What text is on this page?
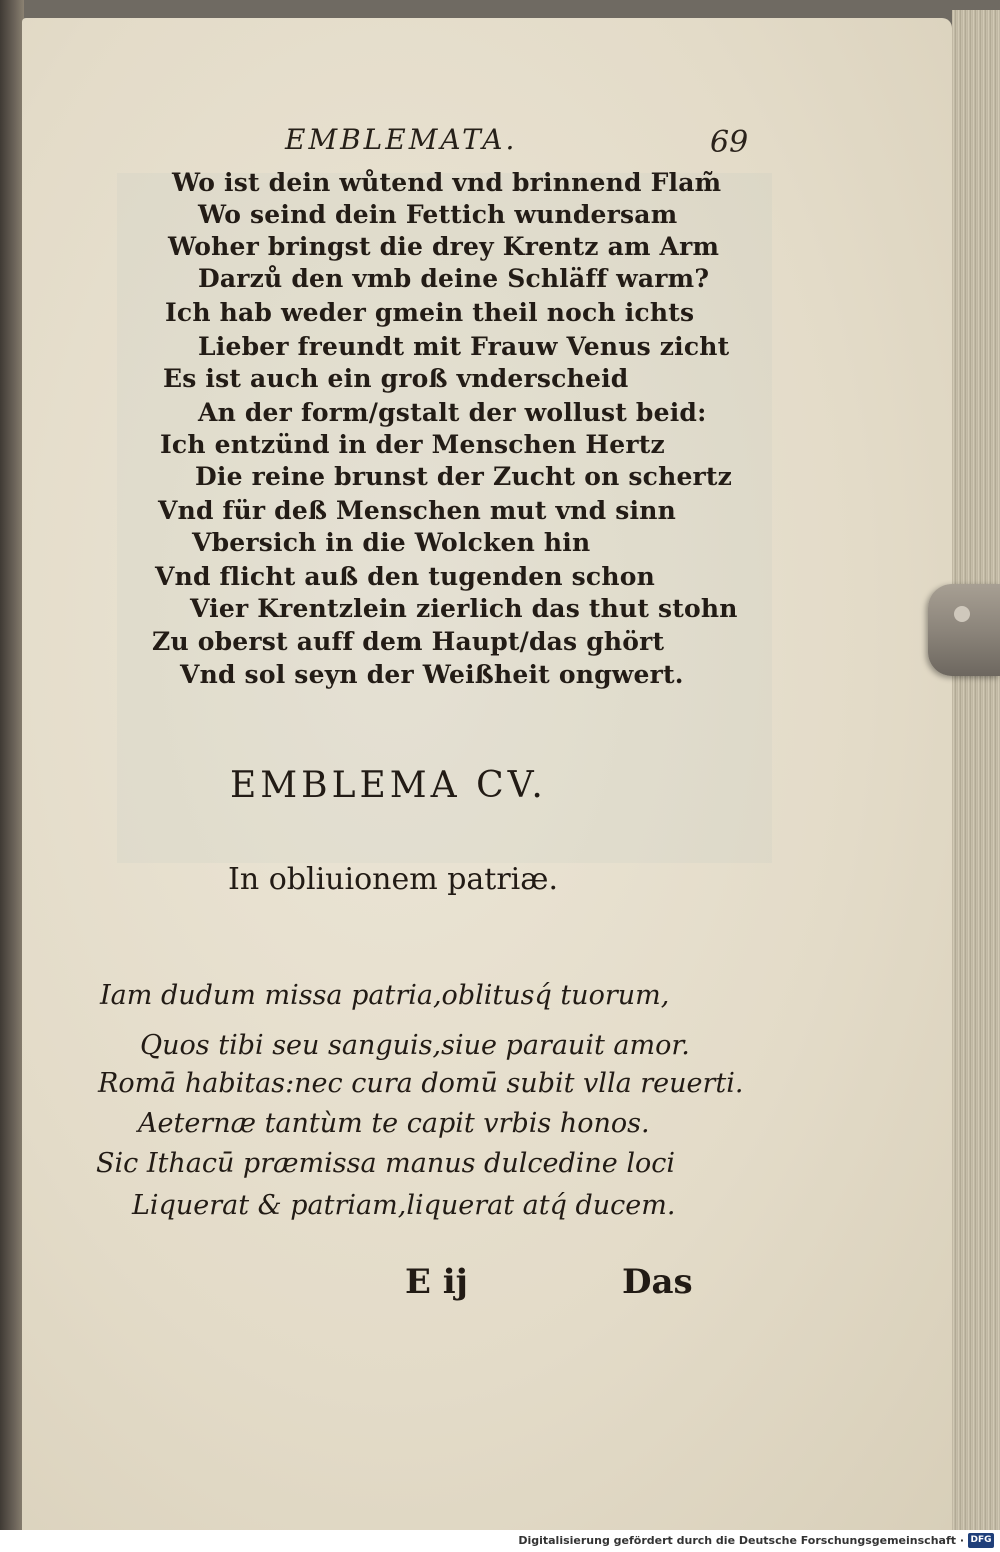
EMBLEMATA.	69
Wo ist dein wůtend vnd brinnend Flam̃
Wo seind dein Fettich wundersam
Woher bringst die drey Krentz am Arm
Darzů den vmb deine Schläff warm?
Ich hab weder gmein theil noch ichts
Lieber freundt mit Frauw Venus zicht
Es ist auch ein groß vnderscheid
An der form/gstalt der wollust beid:
Ich entzünd in der Menschen Hertz
Die reine brunst der Zucht on schertz
Vnd für deß Menschen mut vnd sinn
Vbersich in die Wolcken hin
Vnd flicht auß den tugenden schon
Vier Krentzlein zierlich das thut stohn
Zu oberst auff dem Haupt/das ghört
Vnd sol seyn der Weißheit ongwert.
EMBLEMA CV.
In obliuionem patriæ.
Iam dudum missa patria,oblitusq́ tuorum,
Quos tibi seu sanguis,siue parauit amor.
Romā habitas:nec cura domū subit vlla reuerti.
Aeternæ tantùm te capit vrbis honos.
Sic Ithacū præmissa manus dulcedine loci
Liquerat & patriam,liquerat atq́ ducem.
E ij	Das
Digitalisierung gefördert durch die Deutsche Forschungsgemeinschaft · DFG
